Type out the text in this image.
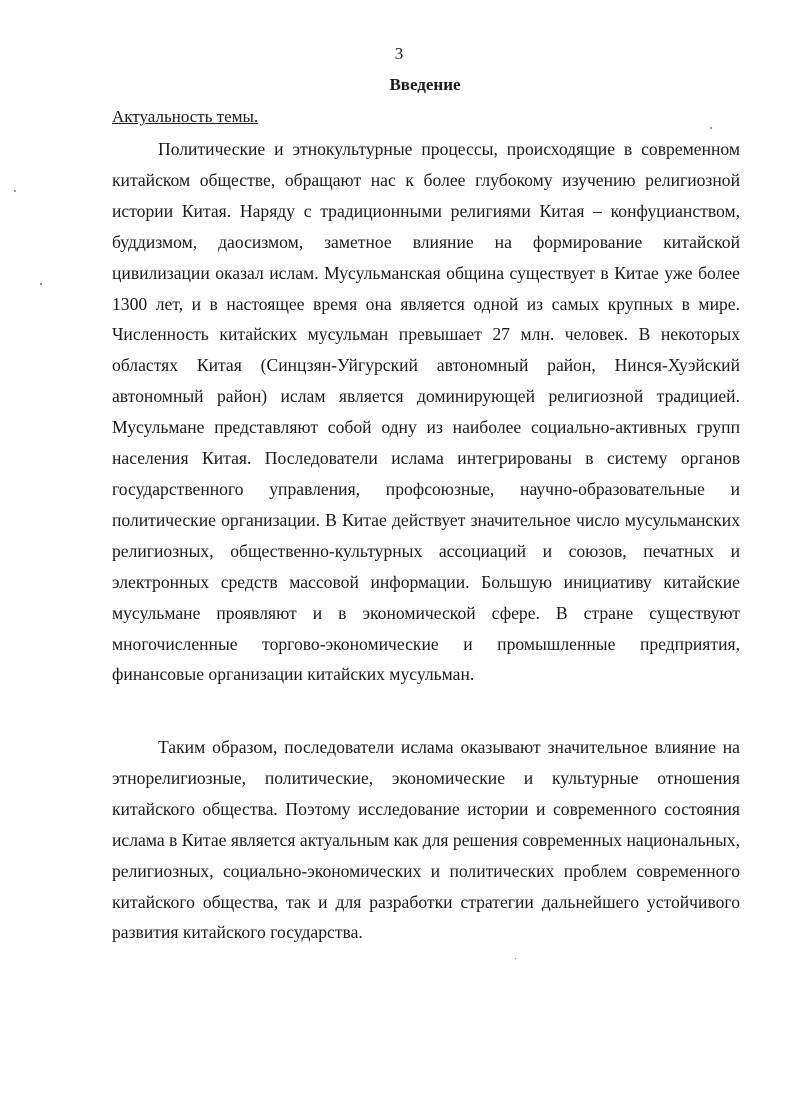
3
Введение
Актуальность темы.

Политические и этнокультурные процессы, происходящие в современном китайском обществе, обращают нас к более глубокому изучению религиозной истории Китая. Наряду с традиционными религиями Китая – конфуцианством, буддизмом, даосизмом, заметное влияние на формирование китайской цивилизации оказал ислам. Мусульманская община существует в Китае уже более 1300 лет, и в настоящее время она является одной из самых крупных в мире. Численность китайских мусульман превышает 27 млн. человек. В некоторых областях Китая (Синцзян-Уйгурский автономный район, Нинся-Хуэйский автономный район) ислам является доминирующей религиозной традицией. Мусульмане представляют собой одну из наиболее социально-активных групп населения Китая. Последователи ислама интегрированы в систему органов государственного управления, профсоюзные, научно-образовательные и политические организации. В Китае действует значительное число мусульманских религиозных, общественно-культурных ассоциаций и союзов, печатных и электронных средств массовой информации. Большую инициативу китайские мусульмане проявляют и в экономической сфере. В стране существуют многочисленные торгово-экономические и промышленные предприятия, финансовые организации китайских мусульман.

Таким образом, последователи ислама оказывают значительное влияние на этнорелигиозные, политические, экономические и культурные отношения китайского общества. Поэтому исследование истории и современного состояния ислама в Китае является актуальным как для решения современных национальных, религиозных, социально-экономических и политических проблем современного китайского общества, так и для разработки стратегии дальнейшего устойчивого развития китайского государства.
